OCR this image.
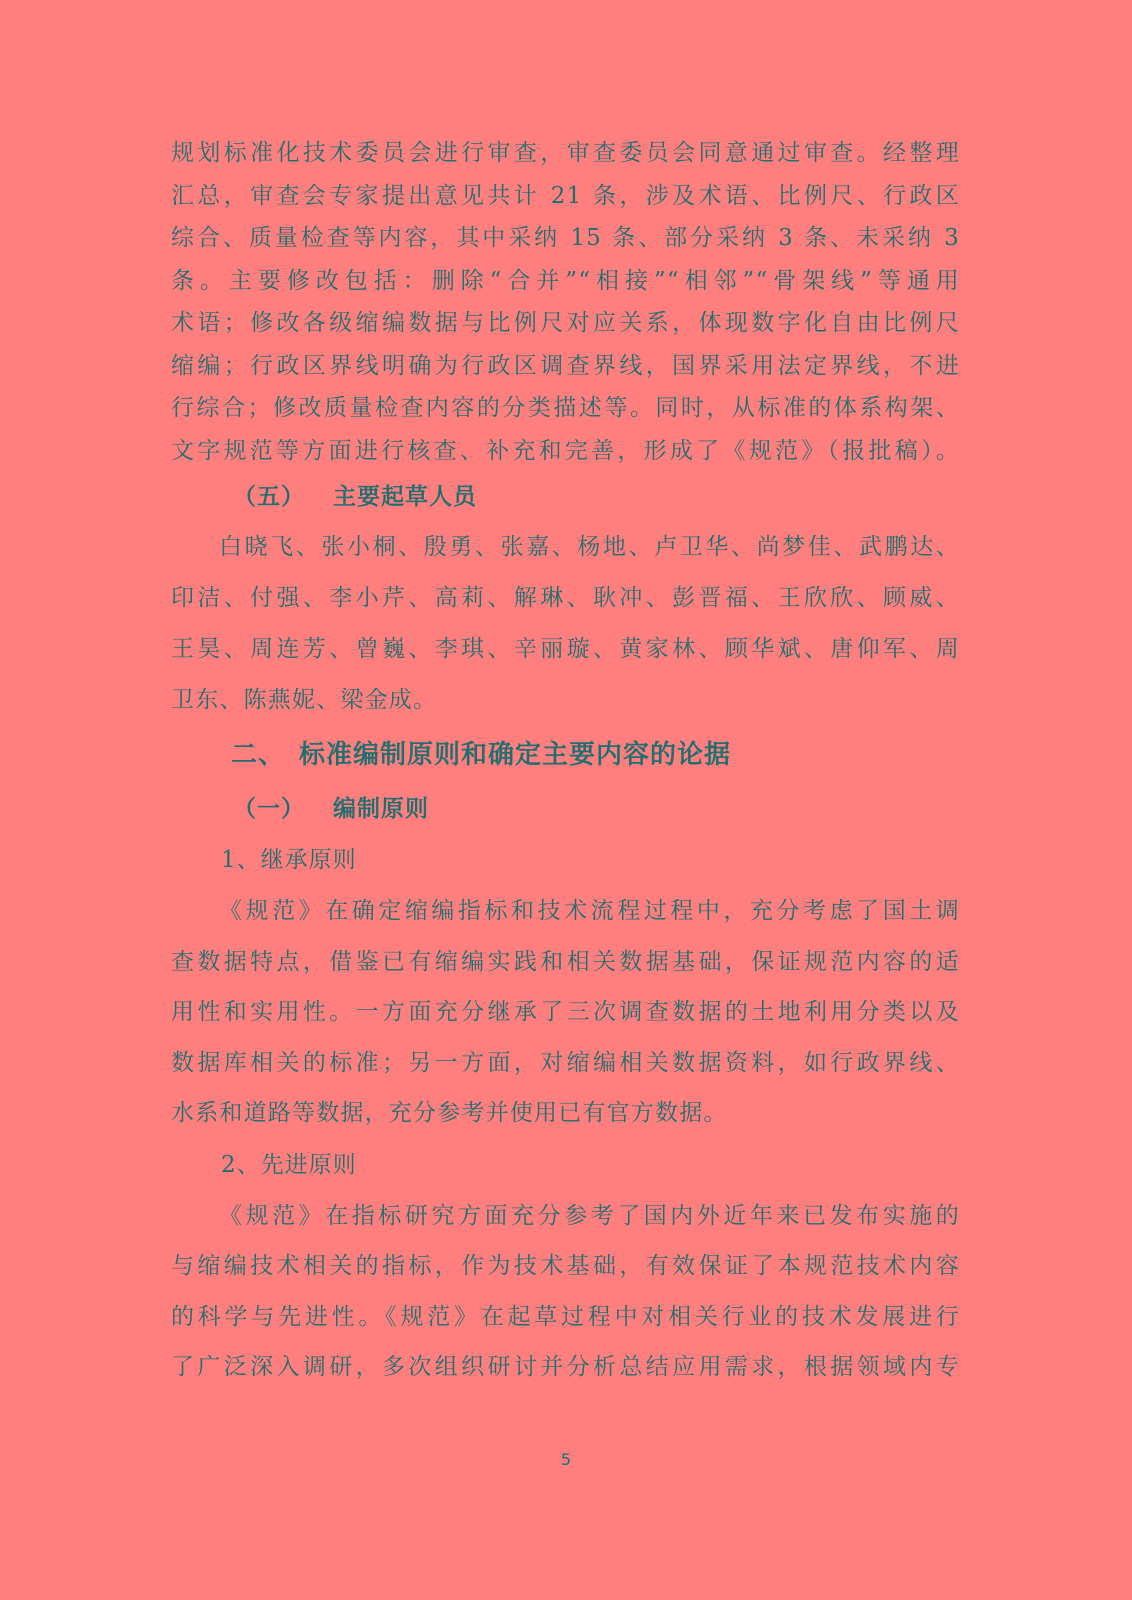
规划标准化技术委员会进行审查，审查委员会同意通过审查。经整理
汇总，审查会专家提出意见共计 21 条，涉及术语、比例尺、行政区
综合、质量检查等内容，其中采纳 15 条、部分采纳 3 条、未采纳 3
条。主要修改包括：删除“合并”“相接”“相邻”“骨架线”等通用
术语；修改各级缩编数据与比例尺对应关系，体现数字化自由比例尺
缩编；行政区界线明确为行政区调查界线，国界采用法定界线，不进
行综合；修改质量检查内容的分类描述等。同时，从标准的体系构架、
文字规范等方面进行核查、补充和完善，形成了《规范》（报批稿）。
（五） 主要起草人员
白晓飞、张小桐、殷勇、张嘉、杨地、卢卫华、尚梦佳、武鹏达、
印洁、付强、李小芹、高莉、解琳、耿冲、彭晋福、王欣欣、顾威、
王昊、周连芳、曾巍、李琪、辛丽璇、黄家林、顾华斌、唐仰军、周
卫东、陈燕妮、梁金成。
二、 标准编制原则和确定主要内容的论据
（一） 编制原则
1、继承原则
《规范》在确定缩编指标和技术流程过程中，充分考虑了国土调
查数据特点，借鉴已有缩编实践和相关数据基础，保证规范内容的适
用性和实用性。一方面充分继承了三次调查数据的土地利用分类以及
数据库相关的标准；另一方面，对缩编相关数据资料，如行政界线、
水系和道路等数据，充分参考并使用已有官方数据。
2、先进原则
《规范》在指标研究方面充分参考了国内外近年来已发布实施的
与缩编技术相关的指标，作为技术基础，有效保证了本规范技术内容
的科学与先进性。《规范》在起草过程中对相关行业的技术发展进行
了广泛深入调研，多次组织研讨并分析总结应用需求，根据领域内专
5
